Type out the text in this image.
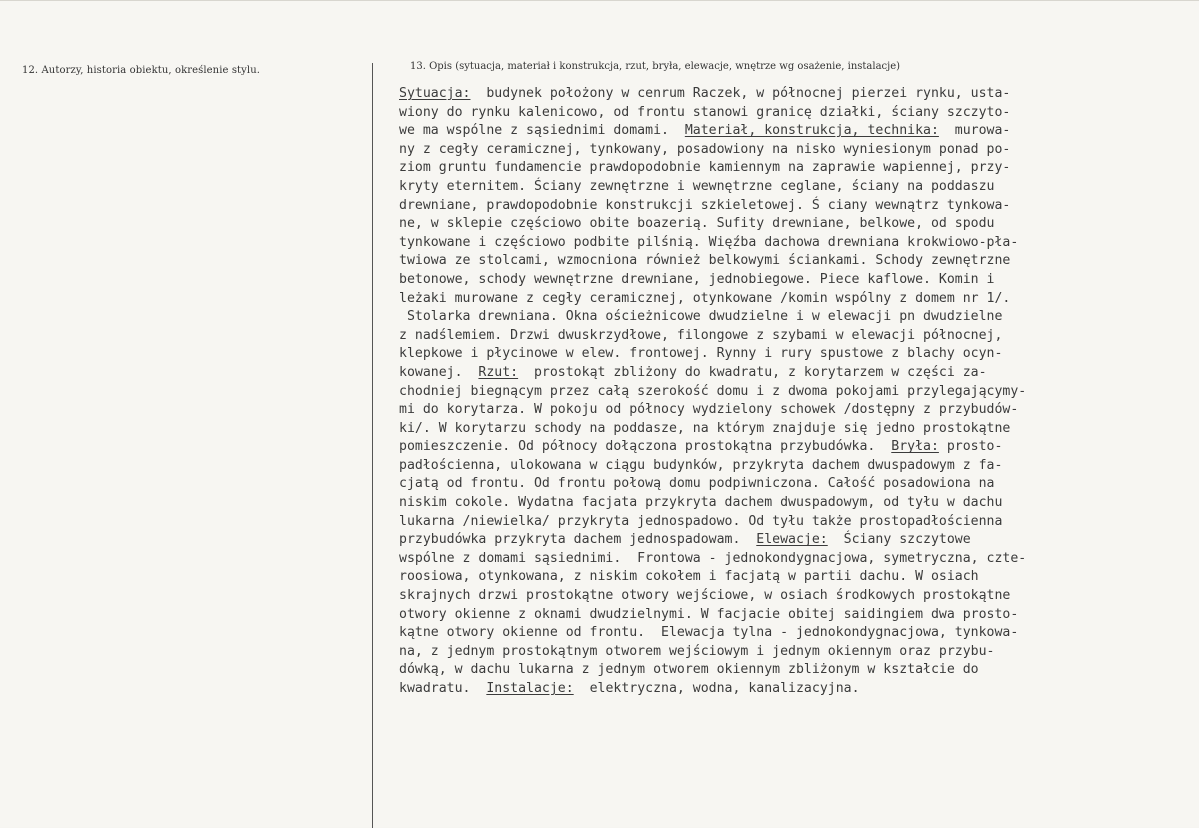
12. Autorzy, historia obiektu, określenie stylu.	13. Opis (sytuacja, materiał i konstrukcja, rzut, bryła, elewacje, wnętrze wg osażenie, instalacje)
Sytuacja:  budynek położony w cenrum Raczek, w północnej pierzei rynku, usta-
wiony do rynku kalenicowo, od frontu stanowi granicę działki, ściany szczyto-
we ma wspólne z sąsiednimi domami.  Materiał, konstrukcja, technika:  murowa-
ny z cegły ceramicznej, tynkowany, posadowiony na nisko wyniesionym ponad po-
ziom gruntu fundamencie prawdopodobnie kamiennym na zaprawie wapiennej, przy-
kryty eternitem. Ściany zewnętrzne i wewnętrzne ceglane, ściany na poddaszu
drewniane, prawdopodobnie konstrukcji szkieletowej. Ś ciany wewnątrz tynkowa-
ne, w sklepie częściowo obite boazerią. Sufity drewniane, belkowe, od spodu
tynkowane i częściowo podbite pilśnią. Więźba dachowa drewniana krokwiowo-pła-
twiowa ze stolcami, wzmocniona również belkowymi ściankami. Schody zewnętrzne
betonowe, schody wewnętrzne drewniane, jednobiegowe. Piece kaflowe. Komin i
leżaki murowane z cegły ceramicznej, otynkowane /komin wspólny z domem nr 1/.
Stolarka drewniana. Okna ościeżnicowe dwudzielne i w elewacji pn dwudzielne
z nadślemiem. Drzwi dwuskrzydłowe, filongowe z szybami w elewacji północnej,
klepkowe i płycinowe w elew. frontowej. Rynny i rury spustowe z blachy ocyn-
kowanej.  Rzut:  prostokąt zbliżony do kwadratu, z korytarzem w części za-
chodniej biegnącym przez całą szerokość domu i z dwoma pokojami przylegającymy-
mi do korytarza. W pokoju od północy wydzielony schowek /dostępny z przybudów-
ki/. W korytarzu schody na poddasze, na którym znajduje się jedno prostokątne
pomieszczenie. Od północy dołączona prostokątna przybudówka.  Bryła: prosto-
padłościenna, ulokowana w ciągu budynków, przykryta dachem dwuspadowym z fa-
cjatą od frontu. Od frontu połową domu podpiwniczona. Całość posadowiona na
niskim cokole. Wydatna facjata przykryta dachem dwuspadowym, od tyłu w dachu
lukarna /niewielka/ przykryta jednospadowo. Od tyłu także prostopadłościenna
przybudówka przykryta dachem jednospadowam.  Elewacje:  Ściany szczytowe
wspólne z domami sąsiednimi.  Frontowa - jednokondygnacjowa, symetryczna, czte-
roosiowa, otynkowana, z niskim cokołem i facjatą w partii dachu. W osiach
skrajnych drzwi prostokątne otwory wejściowe, w osiach środkowych prostokątne
otwory okienne z oknami dwudzielnymi. W facjacie obitej saidingiem dwa prosto-
kątne otwory okienne od frontu.  Elewacja tylna - jednokondygnacjowa, tynkowa-
na, z jednym prostokątnym otworem wejściowym i jednym okiennym oraz przybu-
dówką, w dachu lukarna z jednym otworem okiennym zbliżonym w kształcie do
kwadratu.  Instalacje:  elektryczna, wodna, kanalizacyjna.
